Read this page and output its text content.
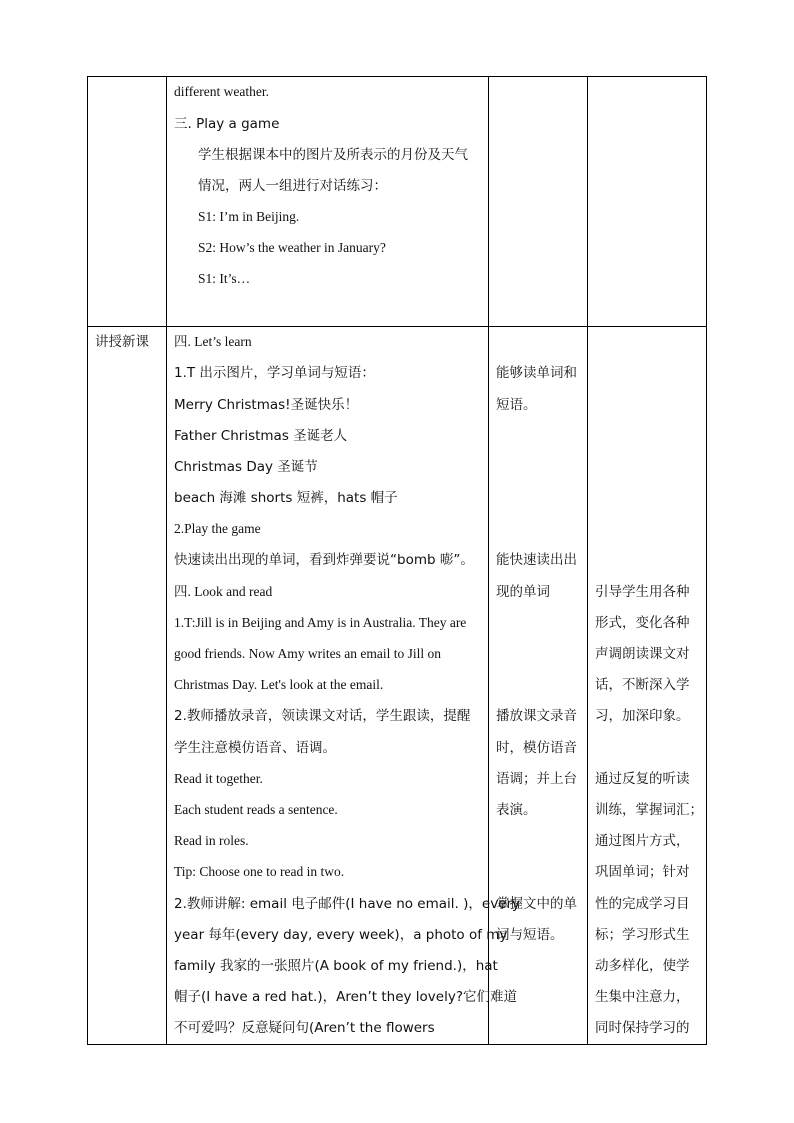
different weather.
三. Play a game
学生根据课本中的图片及所表示的月份及天气
情况，两人一组进行对话练习：
S1: I’m in Beijing.
S2: How’s the weather in January?
S1: It’s…
讲授新课 四. Let’s learn
1.T 出示图片，学习单词与短语：
Merry Christmas!圣诞快乐！
Father Christmas 圣诞老人
Christmas Day 圣诞节
beach 海滩 shorts 短裤，hats 帽子
2.Play the game
快速读出出现的单词，看到炸弹要说“bomb 嘭”。
四. Look and read
1.T:Jill is in Beijing and Amy is in Australia. They are
good friends. Now Amy writes an email to Jill on
Christmas Day. Let's look at the email.
2.教师播放录音，领读课文对话，学生跟读，提醒
学生注意模仿语音、语调。
Read it together.
Each student reads a sentence.
Read in roles.
Tip: Choose one to read in two.
2.教师讲解: email 电子邮件(I have no email. )，every
year 每年(every day, every week)，a photo of my
family 我家的一张照片(A book of my friend.)，hat
帽子(I have a red hat.)，Aren’t they lovely?它们难道
不可爱吗？反意疑问句(Aren’t the flowers
能够读单词和
短语。
能快速读出出
现的单词
播放课文录音
时，模仿语音
语调；并上台
表演。
掌握文中的单
词与短语。
引导学生用各种
形式，变化各种
声调朗读课文对
话，不断深入学
习，加深印象。
通过反复的听读
训练，掌握词汇；
通过图片方式，
巩固单词；针对
性的完成学习目
标；学习形式生
动多样化，使学
生集中注意力，
同时保持学习的
